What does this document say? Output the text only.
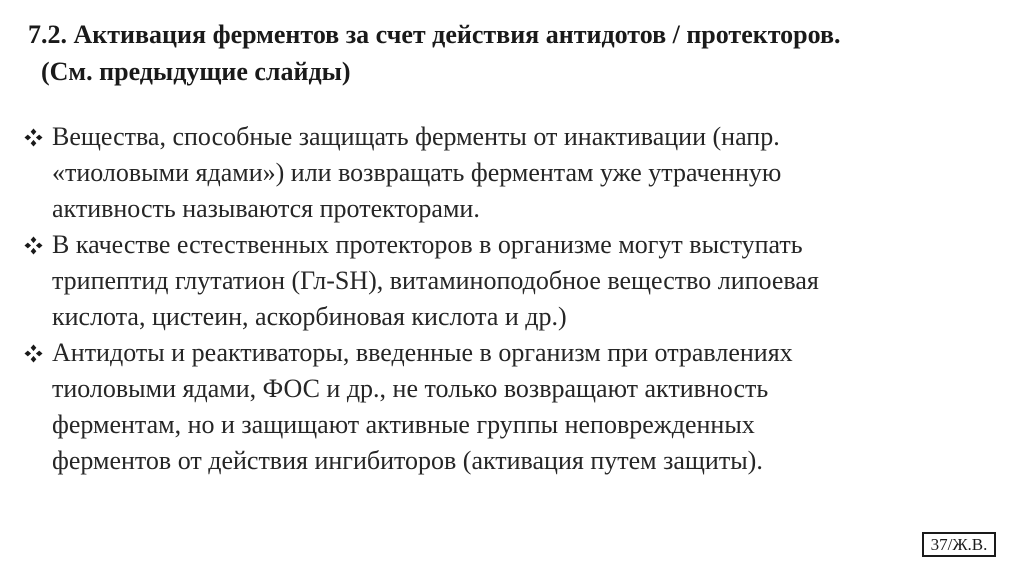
7.2. Активация ферментов за счет действия антидотов / протекторов.
(См. предыдущие слайды)
Вещества, способные защищать ферменты от инактивации (напр.
«тиоловыми ядами») или возвращать ферментам уже утраченную
активность называются протекторами.
В качестве естественных протекторов в организме могут выступать
трипептид глутатион (Гл-SH), витаминоподобное вещество липоевая
кислота, цистеин, аскорбиновая кислота и др.)
Антидоты и реактиваторы, введенные в организм при отравлениях
тиоловыми ядами, ФОС и др., не только возвращают активность
ферментам, но и защищают активные группы неповрежденных
ферментов от действия ингибиторов (активация путем защиты).
37/Ж.В.
